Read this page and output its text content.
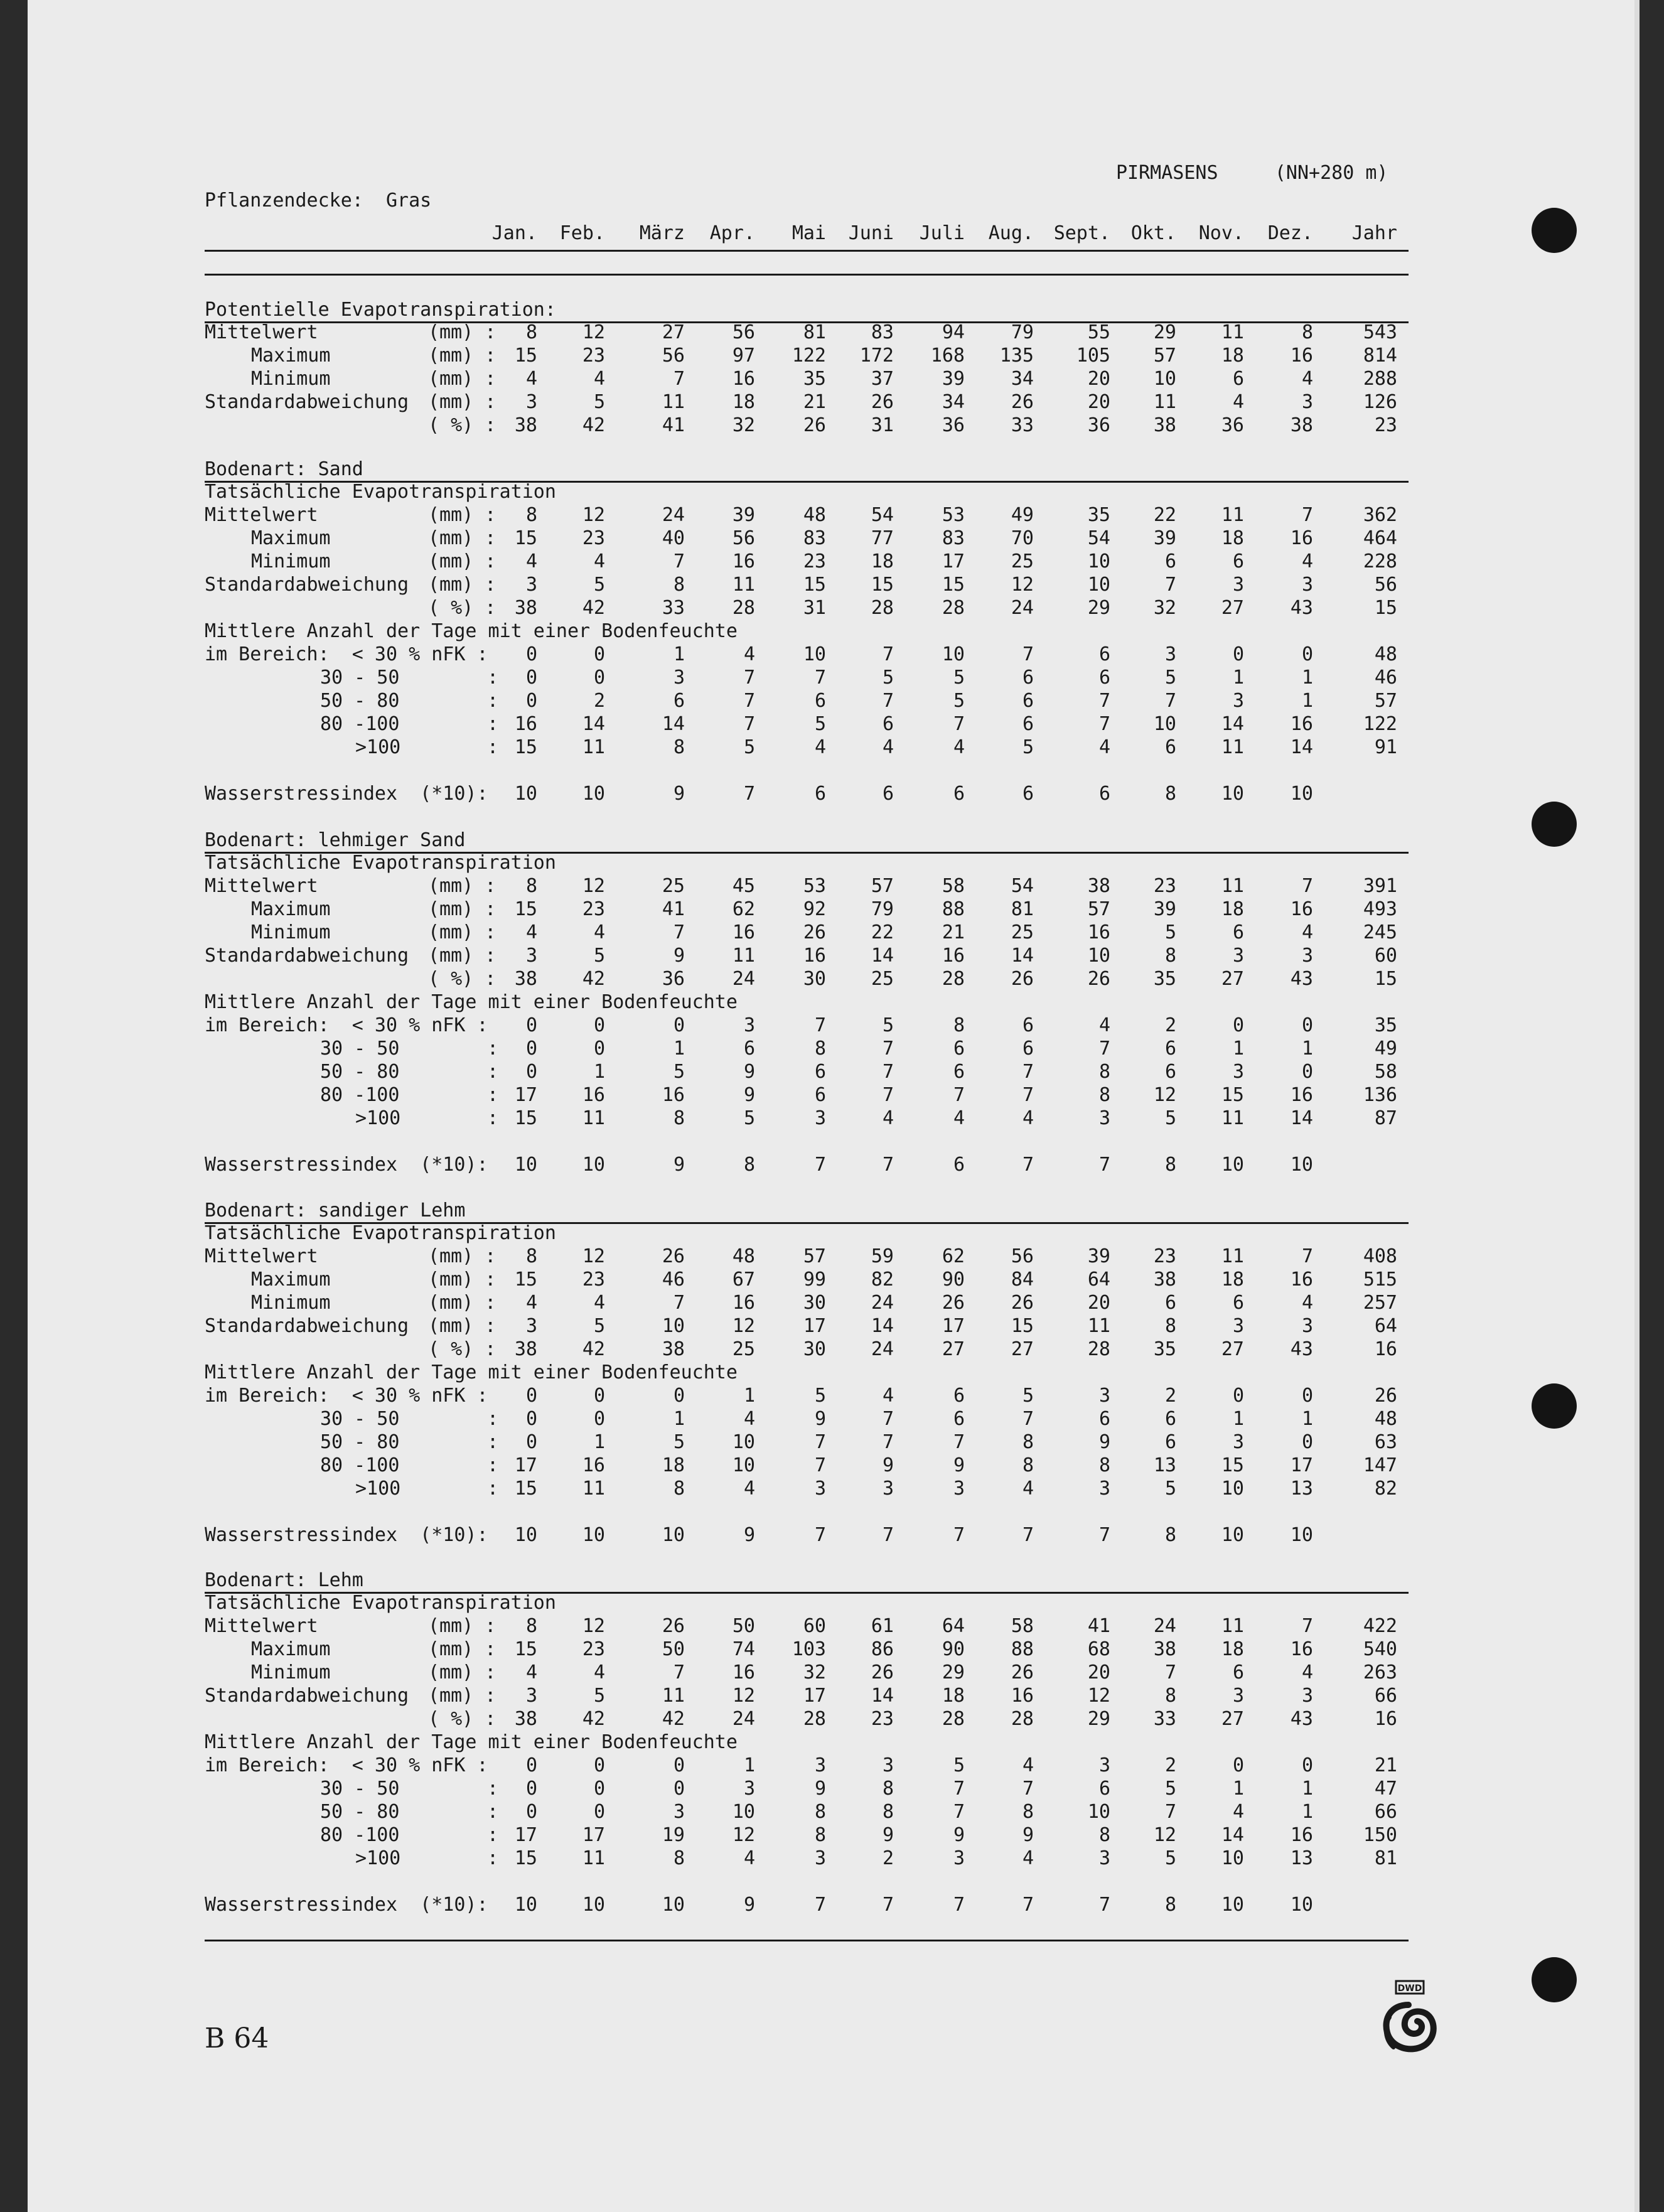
PIRMASENS	(NN+280 m)
Pflanzendecke: Gras
Jan.	Feb.	März	Apr.	Mai	Juni	Juli	Aug.	Sept.	Okt.	Nov.	Dez.	Jahr
Potentielle Evapotranspiration:
Mittelwert	(mm) :	8	12	27	56	81	83	94	79	55	29	11	8	543
Maximum	(mm) : 15	23	56	97	122	172	168	135	105	57	18	16	814
Minimum	(mm) :	4	4	7	16	35	37	39	34	20	10	6	4	288
Standardabweichung (mm) :	3	5	11	18	21	26	34	26	20	11	4	3	126
( %) : 38	42	41	32	26	31	36	33	36	38	36	38	23
Bodenart: Sand
Tatsächliche Evapotranspiration
Mittelwert	(mm) :	8	12	24	39	48	54	53	49	35	22	11	7	362
Maximum	(mm) : 15	23	40	56	83	77	83	70	54	39	18	16	464
Minimum	(mm) :	4	4	7	16	23	18	17	25	10	6	6	4	228
Standardabweichung (mm) :	3	5	8	11	15	15	15	12	10	7	3	3	56
( %) : 38	42	33	28	31	28	28	24	29	32	27	43	15
Mittlere Anzahl der Tage mit einer Bodenfeuchte
im Bereich:  < 30 % nFK :	0	0	1	4	10	7	10	7	6	3	0	0	48
30 - 50	:	0	0	3	7	7	5	5	6	6	5	1	1	46
50 - 80	:	0	2	6	7	6	7	5	6	7	7	3	1	57
80 -100	: 16	14	14	7	5	6	7	6	7	10	14	16	122
>100	: 15	11	8	5	4	4	4	5	4	6	11	14	91
Wasserstressindex  (*10):	10	10	9	7	6	6	6	6	6	8	10	10
Bodenart: lehmiger Sand
Tatsächliche Evapotranspiration
Mittelwert	(mm) :	8	12	25	45	53	57	58	54	38	23	11	7	391
Maximum	(mm) : 15	23	41	62	92	79	88	81	57	39	18	16	493
Minimum	(mm) :	4	4	7	16	26	22	21	25	16	5	6	4	245
Standardabweichung (mm) :	3	5	9	11	16	14	16	14	10	8	3	3	60
( %) : 38	42	36	24	30	25	28	26	26	35	27	43	15
Mittlere Anzahl der Tage mit einer Bodenfeuchte
im Bereich:  < 30 % nFK :	0	0	0	3	7	5	8	6	4	2	0	0	35
30 - 50	:	0	0	1	6	8	7	6	6	7	6	1	1	49
50 - 80	:	0	1	5	9	6	7	6	7	8	6	3	0	58
80 -100	: 17	16	16	9	6	7	7	7	8	12	15	16	136
>100	: 15	11	8	5	3	4	4	4	3	5	11	14	87
Wasserstressindex  (*10):	10	10	9	8	7	7	6	7	7	8	10	10
Bodenart: sandiger Lehm
Tatsächliche Evapotranspiration
Mittelwert	(mm) :	8	12	26	48	57	59	62	56	39	23	11	7	408
Maximum	(mm) : 15	23	46	67	99	82	90	84	64	38	18	16	515
Minimum	(mm) :	4	4	7	16	30	24	26	26	20	6	6	4	257
Standardabweichung (mm) :	3	5	10	12	17	14	17	15	11	8	3	3	64
( %) : 38	42	38	25	30	24	27	27	28	35	27	43	16
Mittlere Anzahl der Tage mit einer Bodenfeuchte
im Bereich:  < 30 % nFK :	0	0	0	1	5	4	6	5	3	2	0	0	26
30 - 50	:	0	0	1	4	9	7	6	7	6	6	1	1	48
50 - 80	:	0	1	5	10	7	7	7	8	9	6	3	0	63
80 -100	: 17	16	18	10	7	9	9	8	8	13	15	17	147
>100	: 15	11	8	4	3	3	3	4	3	5	10	13	82
Wasserstressindex  (*10):	10	10	10	9	7	7	7	7	7	8	10	10
Bodenart: Lehm
Tatsächliche Evapotranspiration
Mittelwert	(mm) :	8	12	26	50	60	61	64	58	41	24	11	7	422
Maximum	(mm) : 15	23	50	74	103	86	90	88	68	38	18	16	540
Minimum	(mm) :	4	4	7	16	32	26	29	26	20	7	6	4	263
Standardabweichung (mm) :	3	5	11	12	17	14	18	16	12	8	3	3	66
( %) : 38	42	42	24	28	23	28	28	29	33	27	43	16
Mittlere Anzahl der Tage mit einer Bodenfeuchte
im Bereich:  < 30 % nFK :	0	0	0	1	3	3	5	4	3	2	0	0	21
30 - 50	:	0	0	0	3	9	8	7	7	6	5	1	1	47
50 - 80	:	0	0	3	10	8	8	7	8	10	7	4	1	66
80 -100	: 17	17	19	12	8	9	9	9	8	12	14	16	150
>100	: 15	11	8	4	3	2	3	4	3	5	10	13	81
Wasserstressindex  (*10):	10	10	10	9	7	7	7	7	7	8	10	10
B 64
DWD
